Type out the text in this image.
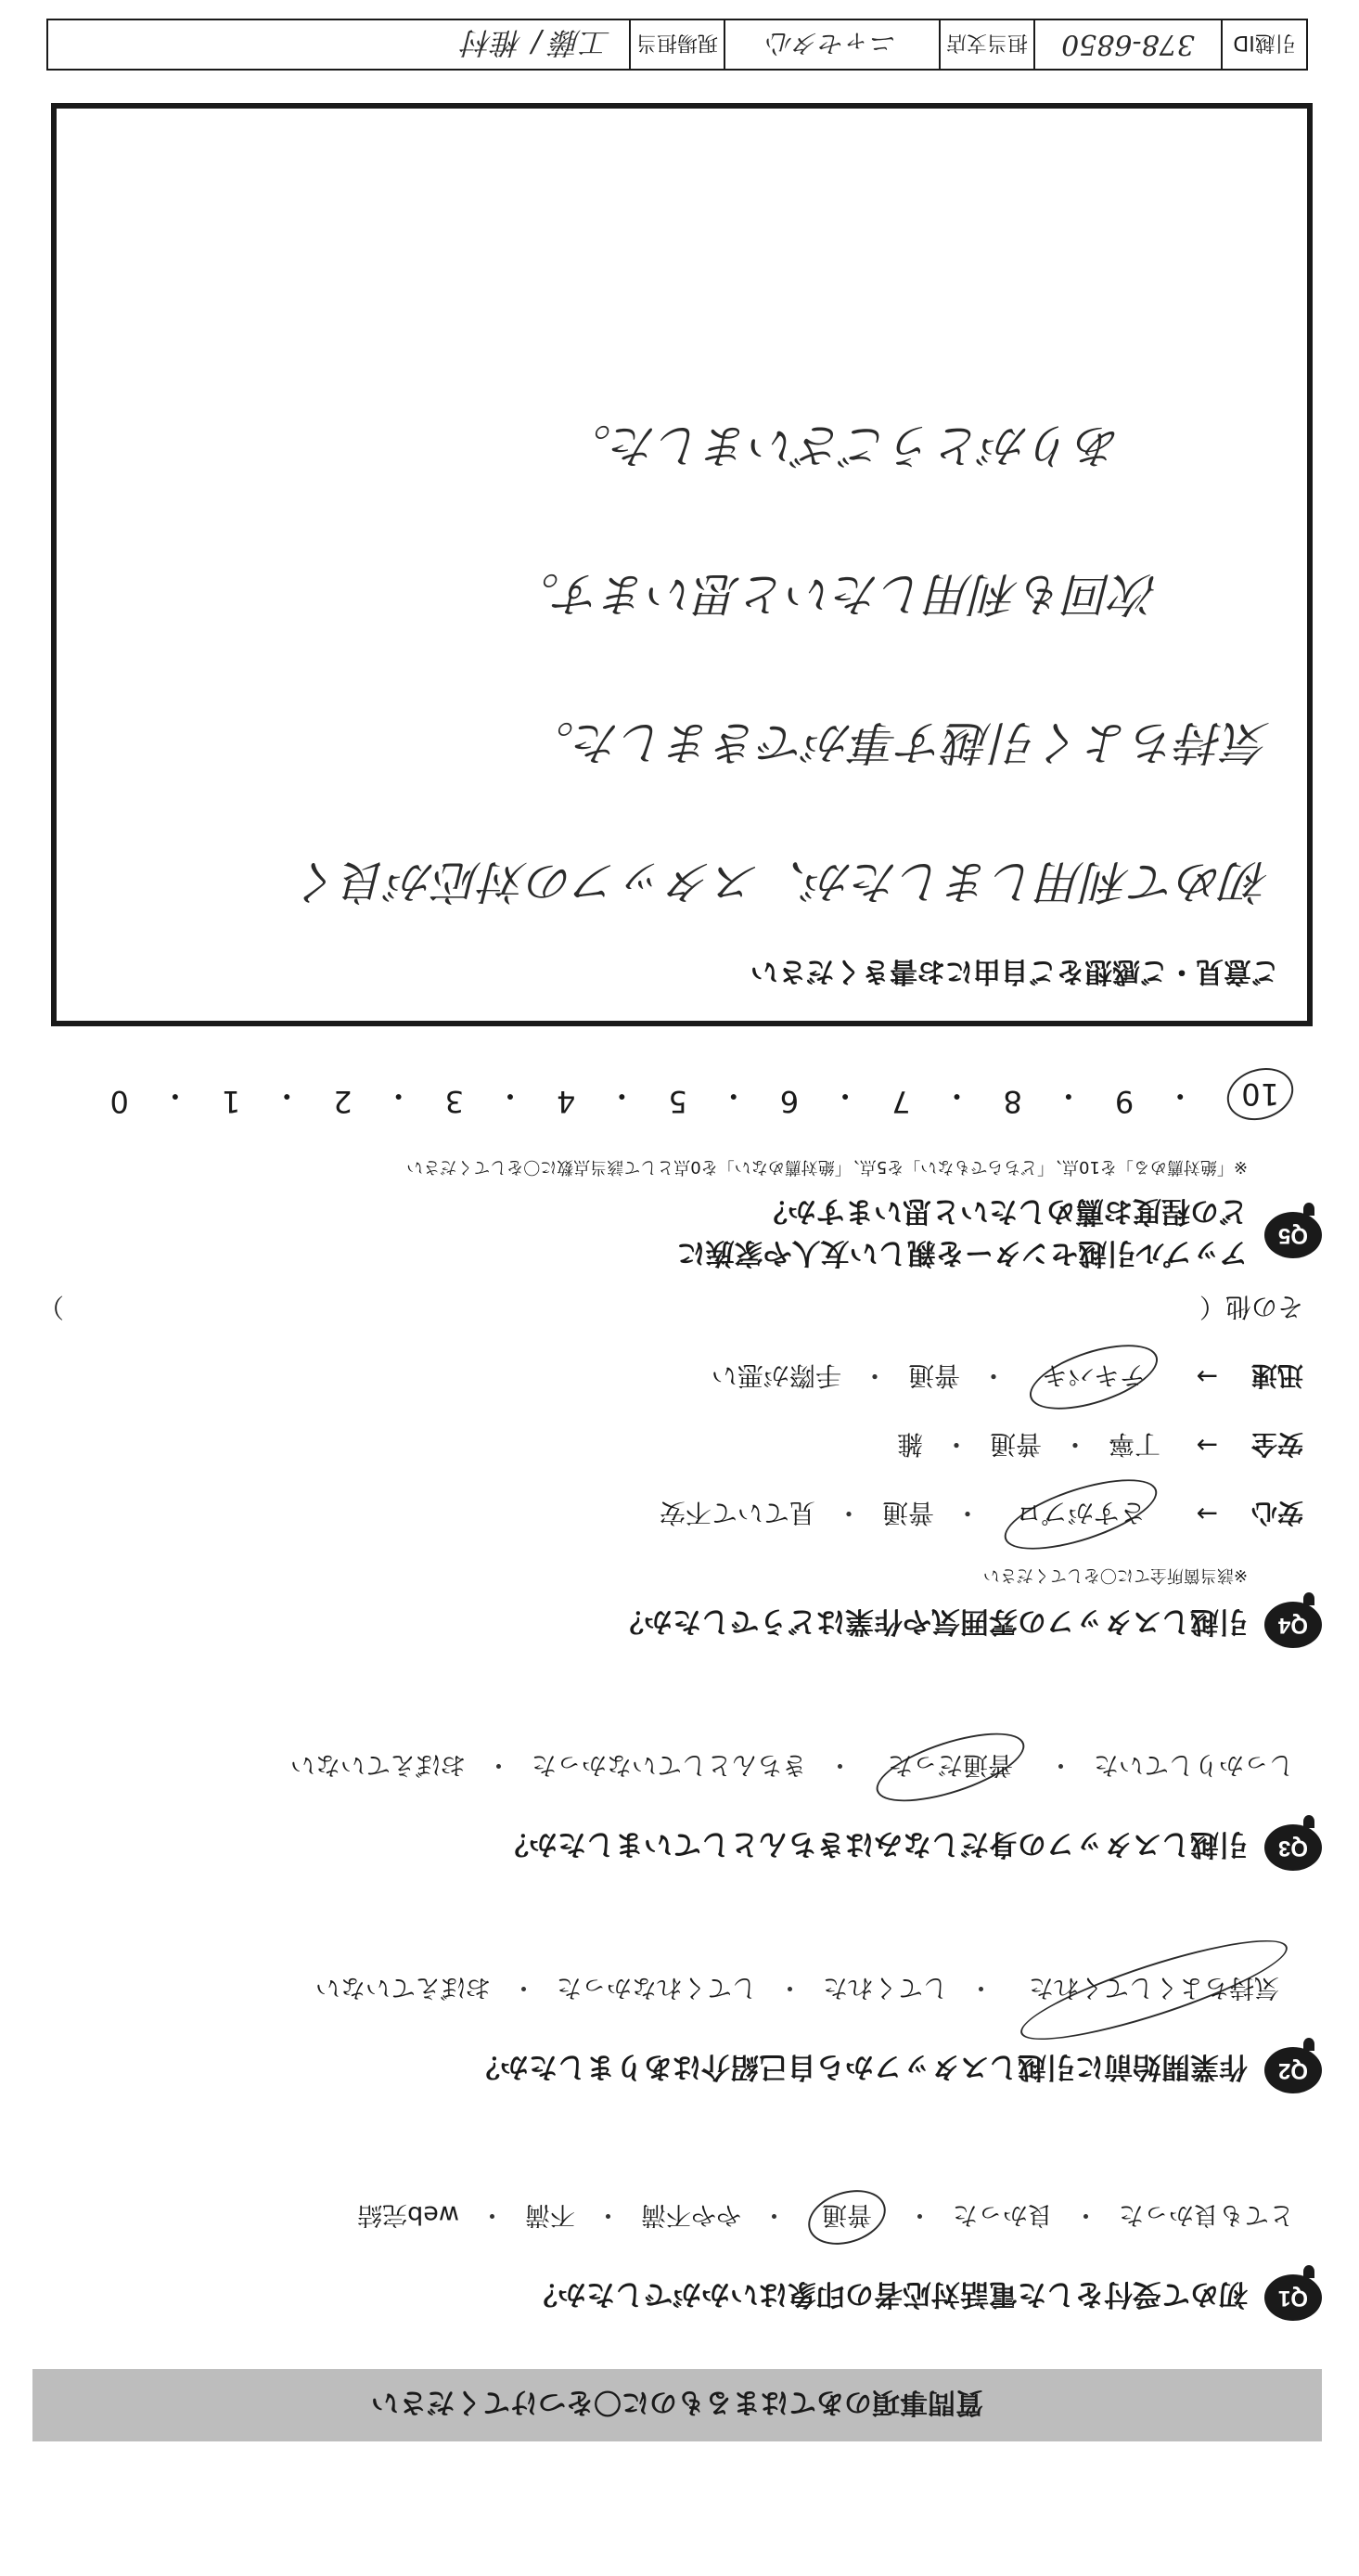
質問事項のあてはまるものに〇をつけてください
Q1
初めて受付をした電話対応者の印象はいかがでしたか？
とても良かった
・
良かった
・
普通
・
やや不満
・
不満
・
web完結
Q2
作業開始前に引越しスタッフから自己紹介はありましたか？
気持ちよくしてくれた
・
してくれた
・
してくれなかった
・
おぼえていない
Q3
引越しスタッフの身だしなみはきちんとしていましたか？
しっかりしていた
・
普通だった
・
きちんとしていなかった
・
おぼえていない
Q4
引越しスタッフの雰囲気や作業はどうでしたか？
※該当箇所全てに〇をしてください
安心
→
さすがプロ
・
普通
・
見ていて不安
安全
→
丁寧
・
普通
・
雑
迅速
→
テキパキ
・
普通
・
手際が悪い
その他（
）
Q5
アップル引越センターを親しい友人や家族に
どの程度お薦めしたいと思いますか？
※「絶対薦める」を10点、「どちらでもない」を5点、「絶対薦めない」を0点として該当点数に〇をしてください
10
・
9
・
8
・
7
・
6
・
5
・
4
・
3
・
2
・
1
・
0
ご意見・ご感想をご自由にお書きください
初めて利用しましたが、スタッフの対応が良く
気持ちよく引越す事ができました。
次回も利用したいと思います。
ありがとうございました。
引越ID
378-6850
担当支店
ニャセタ心
現場担当
工藤 / 椎村
